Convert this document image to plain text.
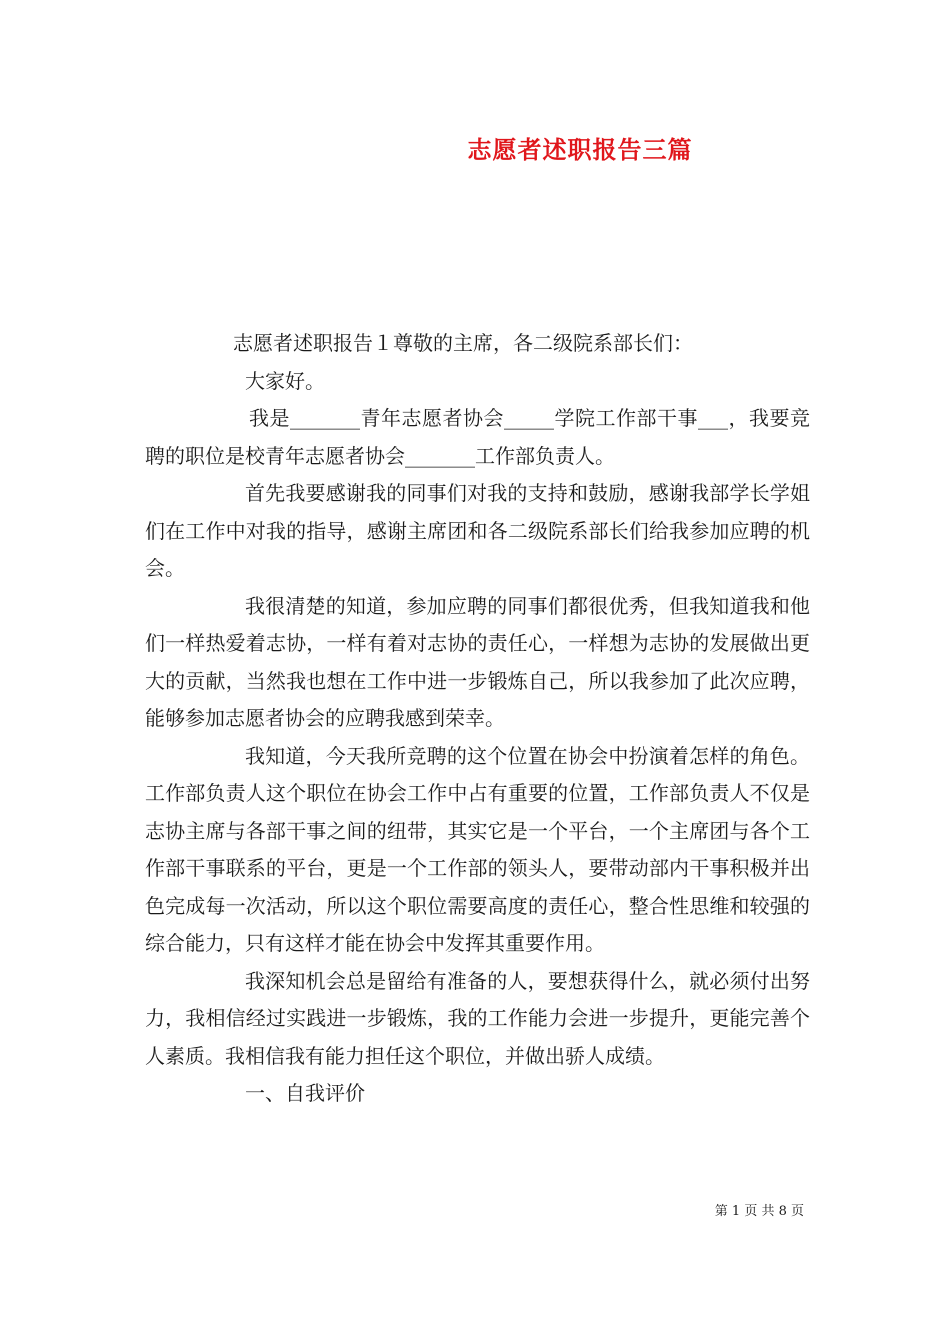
志愿者述职报告三篇

志愿者述职报告１尊敬的主席，各二级院系部长们：

大家好。

我是_______青年志愿者协会_____学院工作部干事___，我要竞聘的职位是校青年志愿者协会_______工作部负责人。

首先我要感谢我的同事们对我的支持和鼓励，感谢我部学长学姐们在工作中对我的指导，感谢主席团和各二级院系部长们给我参加应聘的机会。

我很清楚的知道，参加应聘的同事们都很优秀，但我知道我和他们一样热爱着志协，一样有着对志协的责任心，一样想为志协的发展做出更大的贡献，当然我也想在工作中进一步锻炼自己，所以我参加了此次应聘，能够参加志愿者协会的应聘我感到荣幸。

我知道，今天我所竞聘的这个位置在协会中扮演着怎样的角色。工作部负责人这个职位在协会工作中占有重要的位置，工作部负责人不仅是志协主席与各部干事之间的纽带，其实它是一个平台，一个主席团与各个工作部干事联系的平台，更是一个工作部的领头人，要带动部内干事积极并出色完成每一次活动，所以这个职位需要高度的责任心，整合性思维和较强的综合能力，只有这样才能在协会中发挥其重要作用。

我深知机会总是留给有准备的人，要想获得什么，就必须付出努力，我相信经过实践进一步锻炼，我的工作能力会进一步提升，更能完善个人素质。我相信我有能力担任这个职位，并做出骄人成绩。

一、自我评价

第 1 页 共 8 页
